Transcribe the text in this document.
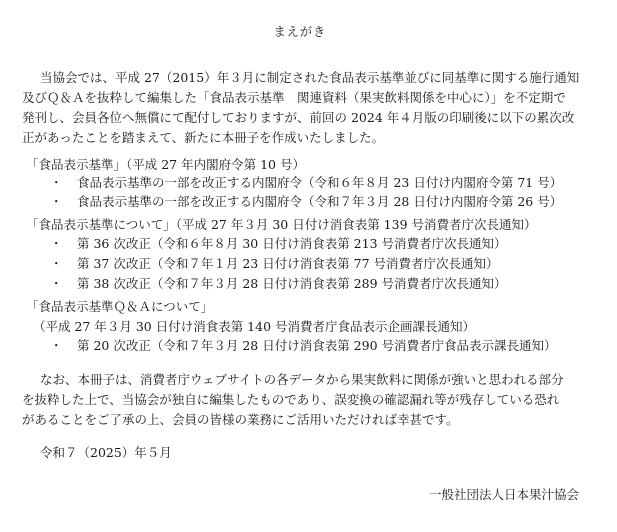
まえがき
当協会では、平成 27（2015）年３月に制定された食品表示基準並びに同基準に関する施行通知
及びＱ＆Ａを抜粋して編集した「食品表示基準　関連資料（果実飲料関係を中心に）」を不定期で
発刊し、会員各位へ無償にて配付しておりますが、前回の 2024 年４月版の印刷後に以下の累次改
正があったことを踏まえて、新たに本冊子を作成いたしました。
「食品表示基準」（平成 27 年内閣府令第 10 号）
・ 食品表示基準の一部を改正する内閣府令（令和６年８月 23 日付け内閣府令第 71 号）
・ 食品表示基準の一部を改正する内閣府令（令和７年３月 28 日付け内閣府令第 26 号）
「食品表示基準について」（平成 27 年３月 30 日付け消食表第 139 号消費者庁次長通知）
・ 第 36 次改正（令和６年８月 30 日付け消食表第 213 号消費者庁次長通知）
・ 第 37 次改正（令和７年１月 23 日付け消食表第 77 号消費者庁次長通知）
・ 第 38 次改正（令和７年３月 28 日付け消食表第 289 号消費者庁次長通知）
「食品表示基準Ｑ＆Ａについて」
（平成 27 年３月 30 日付け消食表第 140 号消費者庁食品表示企画課長通知）
・ 第 20 次改正（令和７年３月 28 日付け消食表第 290 号消費者庁食品表示課長通知）
なお、本冊子は、消費者庁ウェブサイトの各データから果実飲料に関係が強いと思われる部分
を抜粋した上で、当協会が独自に編集したものであり、誤変換の確認漏れ等が残存している恐れ
があることをご了承の上、会員の皆様の業務にご活用いただければ幸甚です。
令和７（2025）年５月
一般社団法人日本果汁協会
